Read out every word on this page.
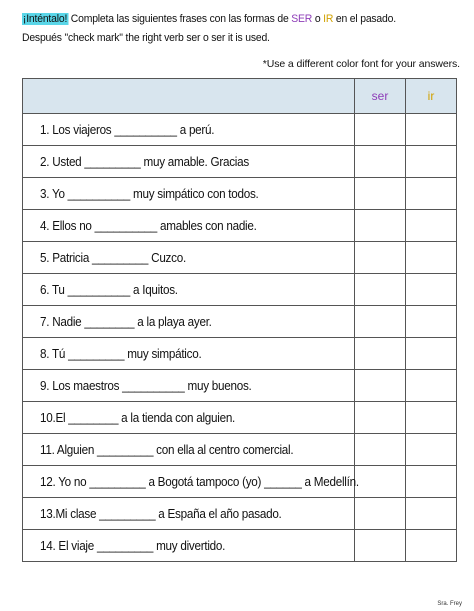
¡Inténtalo! Completa las siguientes frases con las formas de SER o IR en el pasado. Después "check mark" the right verb ser o ser it is used.
*Use a different color font for your answers.
	ser	ir
1. Los viajeros __________ a perú.		
2. Usted _________ muy amable. Gracias		
3. Yo __________ muy simpático con todos.		
4. Ellos no __________ amables con nadie.		
5. Patricia _________ Cuzco.		
6. Tu __________ a Iquitos.		
7. Nadie ________ a la playa ayer.		
8. Tú _________ muy simpático.		
9. Los maestros __________ muy buenos.		
10.El ________ a la tienda con alguien.		
11. Alguien _________ con ella al centro comercial.		
12. Yo no _________ a Bogotá tampoco (yo) ______ a Medellín.		
13.Mi clase _________ a España el año pasado.		
14. El viaje _________ muy divertido.		
Sra. Frey
